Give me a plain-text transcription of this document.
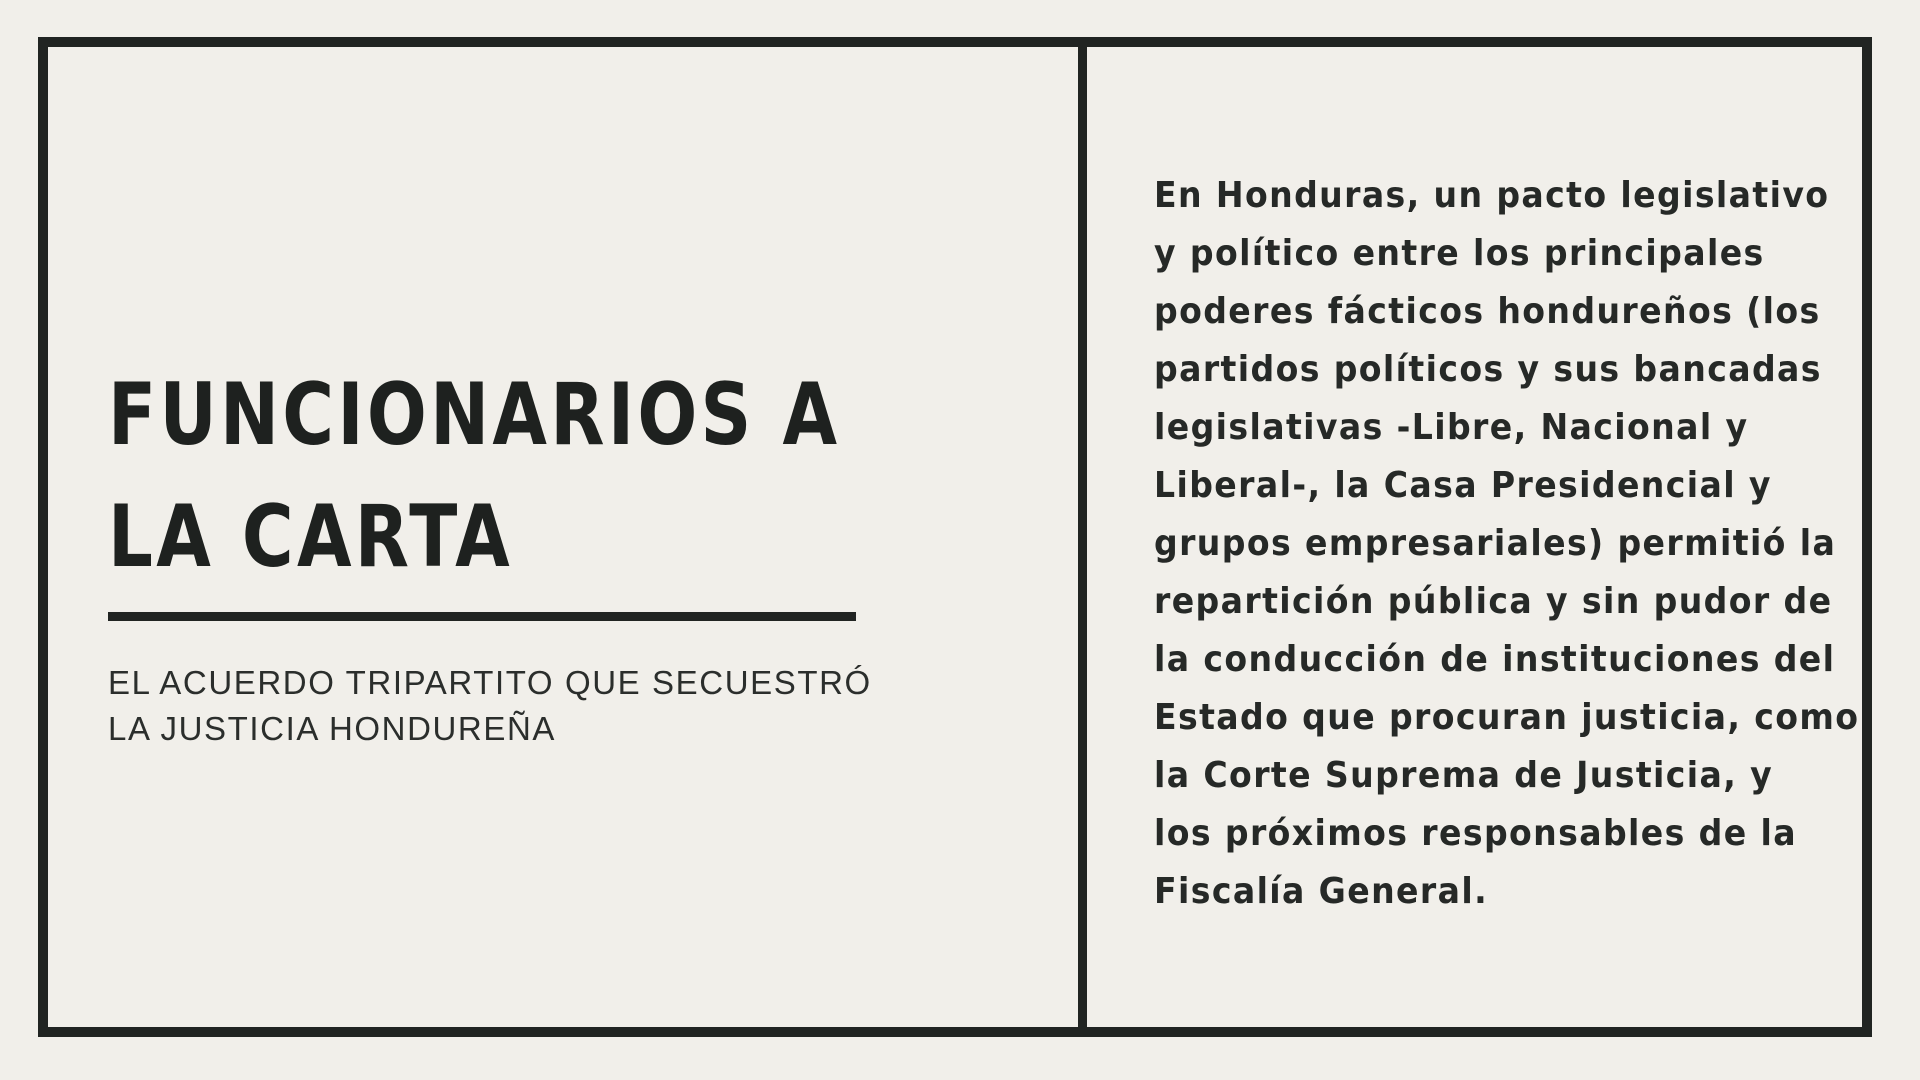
FUNCIONARIOS A
LA CARTA

EL ACUERDO TRIPARTITO QUE SECUESTRÓ
LA JUSTICIA HONDUREÑA

En Honduras, un pacto legislativo
y político entre los principales
poderes fácticos hondureños (los
partidos políticos y sus bancadas
legislativas -Libre, Nacional y
Liberal-, la Casa Presidencial y
grupos empresariales) permitió la
repartición pública y sin pudor de
la conducción de instituciones del
Estado que procuran justicia, como
la Corte Suprema de Justicia, y
los próximos responsables de la
Fiscalía General.
